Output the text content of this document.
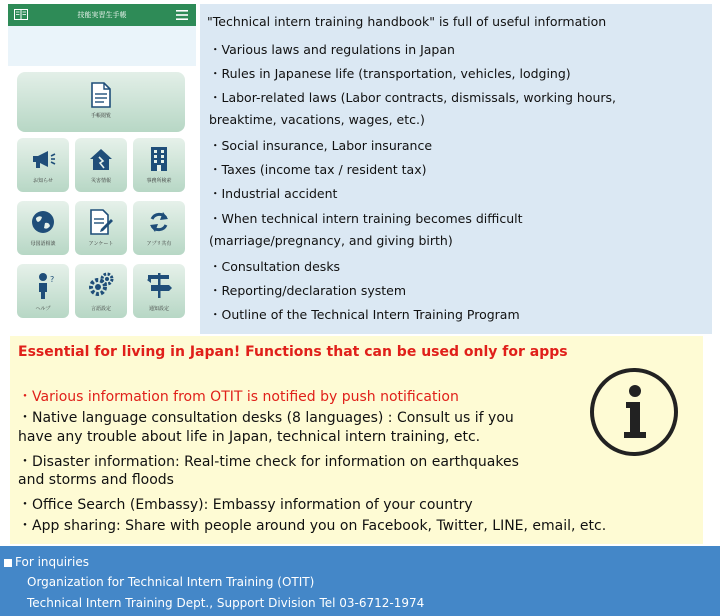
技能実習生手帳
手帳閲覧
お知らせ	災害情報	事務所検索
母国語相談	アンケート	アプリ共有
?
ヘルプ	言語設定	通知設定
"Technical intern training handbook" is full of useful information
・Various laws and regulations in Japan
・Rules in Japanese life (transportation, vehicles, lodging)
・Labor-related laws (Labor contracts, dismissals, working hours,
breaktime, vacations, wages, etc.)
・Social insurance, Labor insurance
・Taxes (income tax / resident tax)
・Industrial accident
・When technical intern training becomes difficult
(marriage/pregnancy, and giving birth)
・Consultation desks
・Reporting/declaration system
・Outline of the Technical Intern Training Program
Essential for living in Japan! Functions that can be used only for apps
・Various information from OTIT is notified by push notification
・Native language consultation desks (8 languages) : Consult us if you
have any trouble about life in Japan, technical intern training, etc.
・Disaster information: Real-time check for information on earthquakes
and storms and floods
・Office Search (Embassy): Embassy information of your country
・App sharing: Share with people around you on Facebook, Twitter, LINE, email, etc.
For inquiries
Organization for Technical Intern Training (OTIT)
Technical Intern Training Dept., Support Division Tel 03-6712-1974
